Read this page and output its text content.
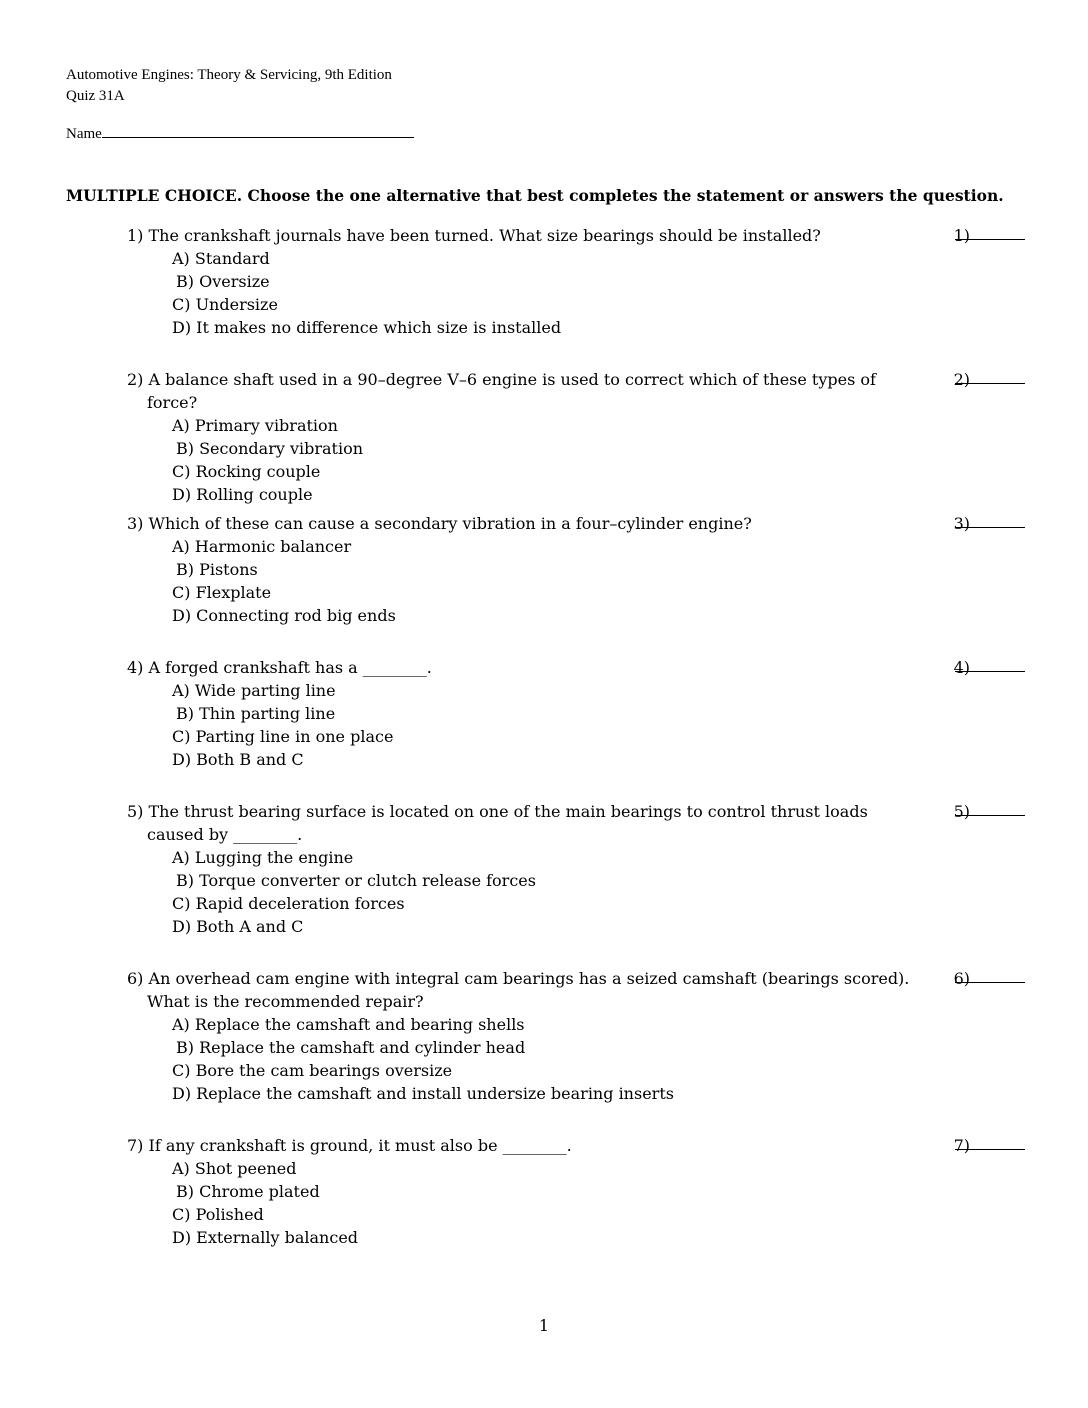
Automotive Engines: Theory & Servicing, 9th Edition
Quiz 31A
Name
MULTIPLE CHOICE. Choose the one alternative that best completes the statement or answers the question.
1) The crankshaft journals have been turned. What size bearings should be installed?
A) Standard
B) Oversize
C) Undersize
D) It makes no difference which size is installed
1)
2) A balance shaft used in a 90–degree V–6 engine is used to correct which of these types of force?
A) Primary vibration
B) Secondary vibration
C) Rocking couple
D) Rolling couple
2)
3) Which of these can cause a secondary vibration in a four–cylinder engine?
A) Harmonic balancer
B) Pistons
C) Flexplate
D) Connecting rod big ends
3)
4) A forged crankshaft has a ________.
A) Wide parting line
B) Thin parting line
C) Parting line in one place
D) Both B and C
4)
5) The thrust bearing surface is located on one of the main bearings to control thrust loads caused by ________.
A) Lugging the engine
B) Torque converter or clutch release forces
C) Rapid deceleration forces
D) Both A and C
5)
6) An overhead cam engine with integral cam bearings has a seized camshaft (bearings scored). What is the recommended repair?
A) Replace the camshaft and bearing shells
B) Replace the camshaft and cylinder head
C) Bore the cam bearings oversize
D) Replace the camshaft and install undersize bearing inserts
6)
7) If any crankshaft is ground, it must also be ________.
A) Shot peened
B) Chrome plated
C) Polished
D) Externally balanced
7)
1
